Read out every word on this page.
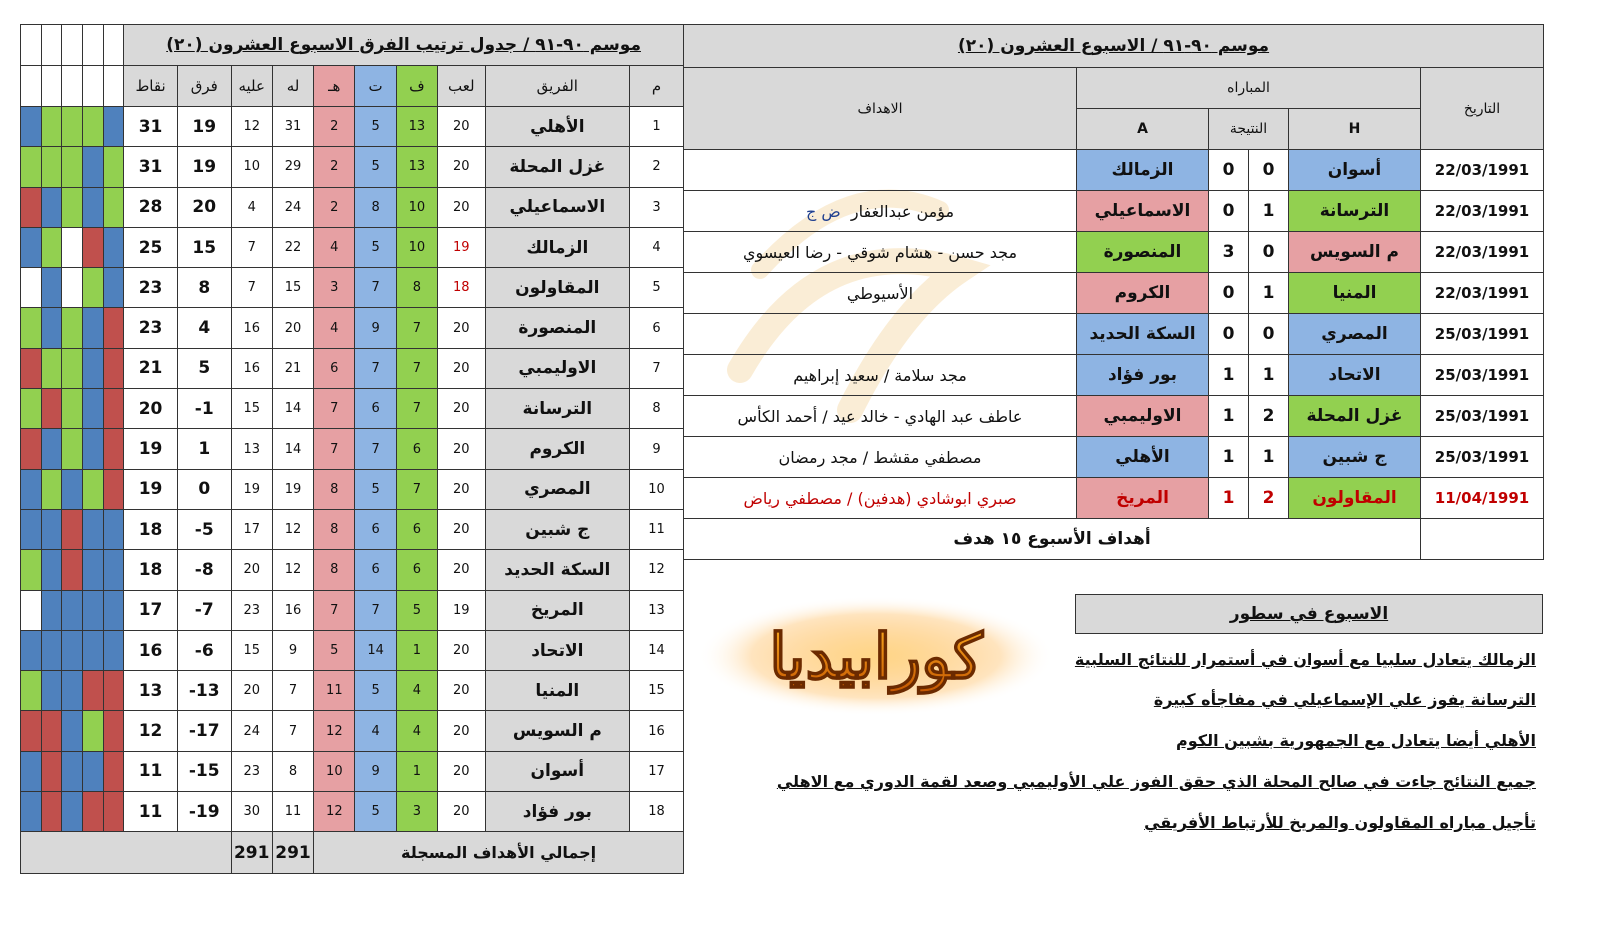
					موسم ٩٠-٩١ / جدول ترتيب الفرق الاسبوع العشرون (٢٠)									
					نقاط	فرق	عليه	له	هـ	ت	ف	لعب	الفريق	م
					31	19	12	31	2	5	13	20	الأهلي	1
					31	19	10	29	2	5	13	20	غزل المحلة	2
					28	20	4	24	2	8	10	20	الاسماعيلي	3
					25	15	7	22	4	5	10	19	الزمالك	4
					23	8	7	15	3	7	8	18	المقاولون	5
					23	4	16	20	4	9	7	20	المنصورة	6
					21	5	16	21	6	7	7	20	الاوليمبي	7
					20	-1	15	14	7	6	7	20	الترسانة	8
					19	1	13	14	7	7	6	20	الكروم	9
					19	0	19	19	8	5	7	20	المصري	10
					18	-5	17	12	8	6	6	20	ج شبين	11
					18	-8	20	12	8	6	6	20	السكة الحديد	12
					17	-7	23	16	7	7	5	19	المريخ	13
					16	-6	15	9	5	14	1	20	الاتحاد	14
					13	-13	20	7	11	5	4	20	المنيا	15
					12	-17	24	7	12	4	4	20	م السويس	16
					11	-15	23	8	10	9	1	20	أسوان	17
					11	-19	30	11	12	5	3	20	بور فؤاد	18
							291	291	إجمالي الأهداف المسجلة					
موسم ٩٠-٩١ / الاسبوع العشرون (٢٠)					
الاهداف	المباراه				التاريخ
	A	النتيجة		H	
	الزمالك	0	0	أسوان	22/03/1991
مؤمن عبدالغفار  ض ج	الاسماعيلي	0	1	الترسانة	22/03/1991
مجد حسن - هشام شوقي - رضا العيسوي	المنصورة	3	0	م السويس	22/03/1991
الأسيوطي	الكروم	0	1	المنيا	22/03/1991
	السكة الحديد	0	0	المصري	25/03/1991
مجد سلامة / سعيد إبراهيم	بور فؤاد	1	1	الاتحاد	25/03/1991
عاطف عبد الهادي - خالد عيد / أحمد الكأس	الاوليمبي	1	2	غزل المحلة	25/03/1991
مصطفي مقشط / مجد رمضان	الأهلي	1	1	ج شبين	25/03/1991
صبري ابوشادي (هدفين) / مصطفي رياض	المريخ	1	2	المقاولون	11/04/1991
أهداف الأسبوع ١٥ هدف					
كورابيديا
الاسبوع في سطور
الزمالك يتعادل سلبيا مع أسوان في أستمرار للنتائج السلبية
الترسانة يفوز علي الإسماعيلي في مفاجأه كبيرة
الأهلي أيضا يتعادل مع الجمهورية بشبين الكوم
جميع النتائج جاءت في صالح المحلة الذي حقق الفوز علي الأوليمبي وصعد لقمة الدوري مع الاهلي
تأجيل مباراه المقاولون والمريخ للأرتباط الأفريقي
